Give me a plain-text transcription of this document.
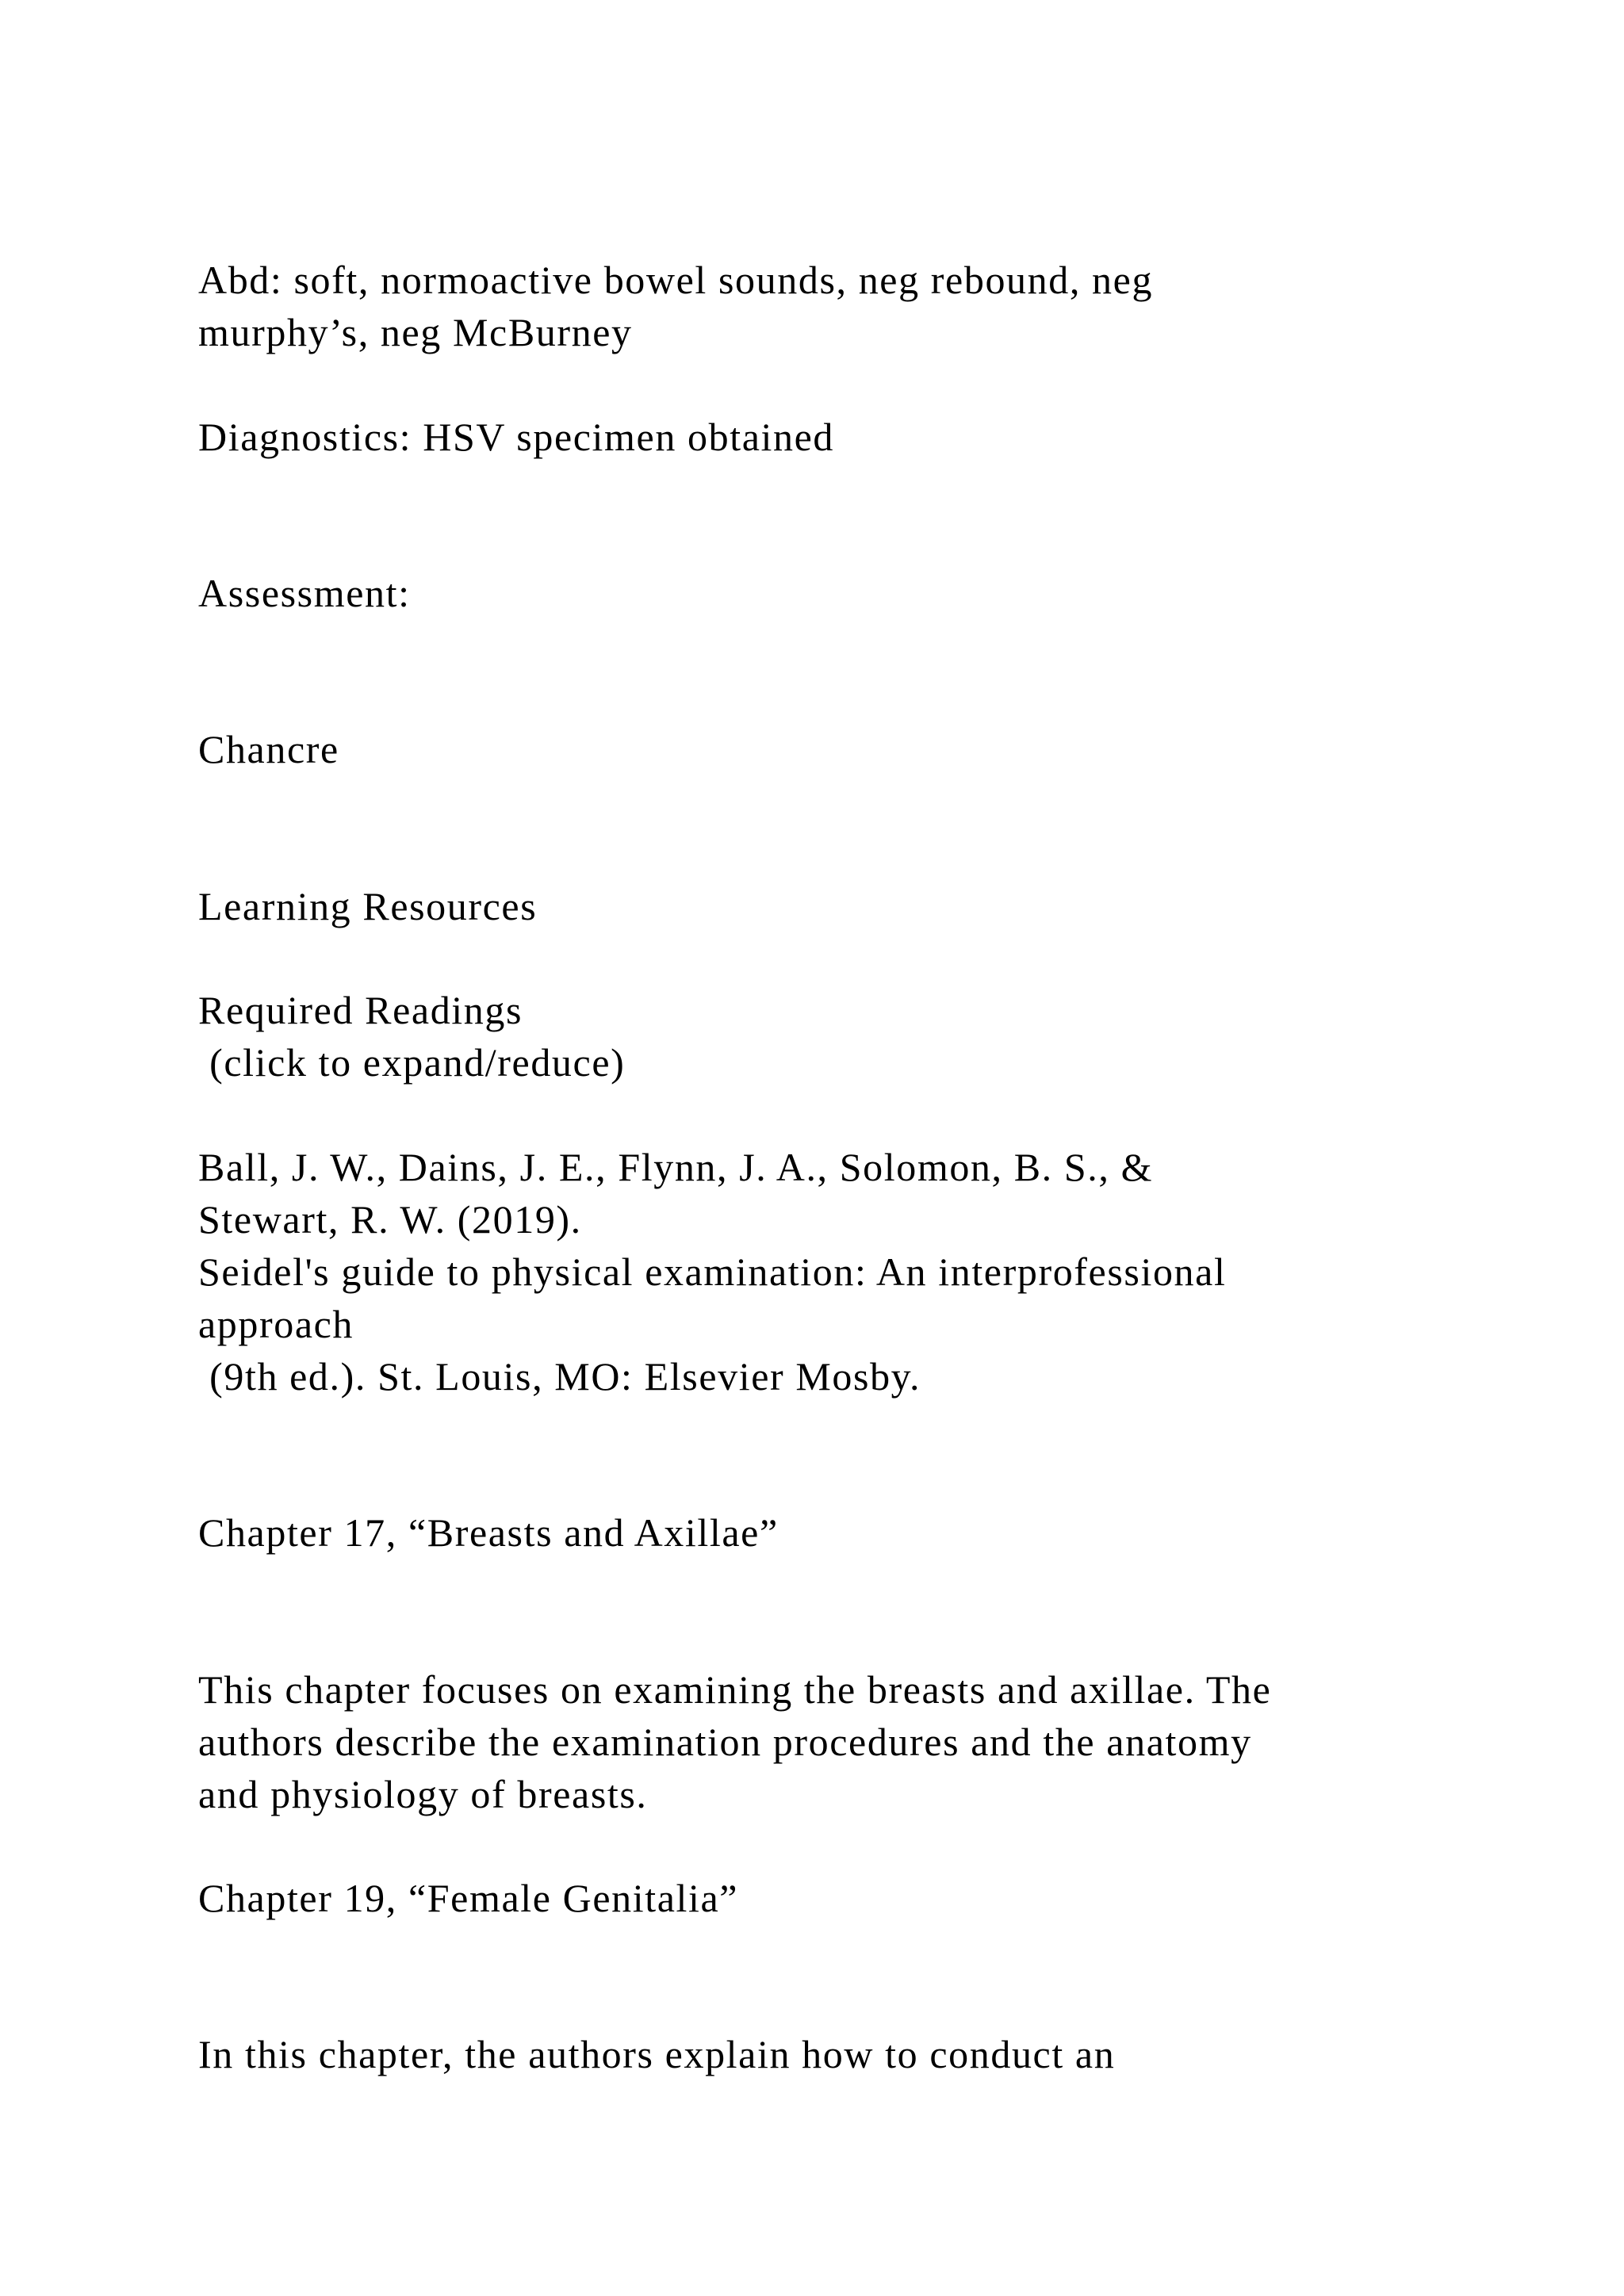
Abd: soft, normoactive bowel sounds, neg rebound, neg

murphy’s, neg McBurney

Diagnostics: HSV specimen obtained

Assessment:

Chancre

Learning Resources

Required Readings

(click to expand/reduce)

Ball, J. W., Dains, J. E., Flynn, J. A., Solomon, B. S., &

Stewart, R. W. (2019).

Seidel's guide to physical examination: An interprofessional

approach

(9th ed.). St. Louis, MO: Elsevier Mosby.

Chapter 17, “Breasts and Axillae”

This chapter focuses on examining the breasts and axillae. The

authors describe the examination procedures and the anatomy

and physiology of breasts.

Chapter 19, “Female Genitalia”

In this chapter, the authors explain how to conduct an
